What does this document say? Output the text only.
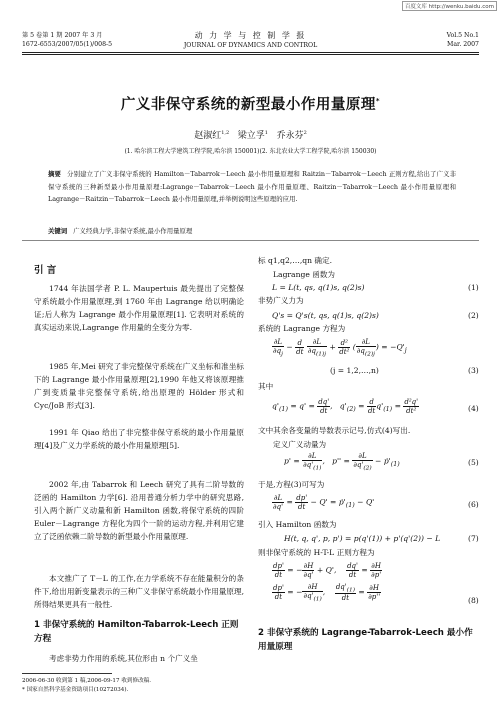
百度文库 http://wenku.baidu.com
第 5 卷第 1 期 2007 年 3 月
1672-6553/2007/05(1)/008-5
动 力 学 与 控 制 学 报
JOURNAL OF DYNAMICS AND CONTROL
Vol.5 No.1
Mar. 2007
广义非保守系统的新型最小作用量原理*
赵淑红$^{1,2}$ 梁立孚$^1$ 乔永芬$^2$
(1. 哈尔滨工程大学建筑工程学院,哈尔滨 150001)(2. 东北农业大学工程学院,哈尔滨 150030)
摘要 分别建立了广义非保守系统的 Hamilton－Tabarrok－Leech 最小作用量原理和 Raitzin－Tabarrok－Leech 正则方程,给出了广义非保守系统的三种新型最小作用量原理:Lagrange－Tabarrok－Leech 最小作用量原理、Raitzin－Tabarrok－Leech 最小作用量原理和 Lagrange－Raitzin－Tabarrok－Leech 最小作用量原理,并举例说明这些原理的应用.
关键词 广义经典力学,非保守系统,最小作用量原理
引 言
1744 年法国学者 P. L. Maupertuis 最先提出了完整保守系统最小作用量原理,到 1760 年由 Lagrange 给以明确论证;后人称为 Lagrange 最小作用量原理[1]. 它表明对系统的真实运动来说,Lagrange 作用量的全变分为零.
1985 年,Mei 研究了非完整保守系统在广义坐标和准坐标下的 Lagrange 最小作用量原理[2],1990 年他又将该原理推广到变质量非完整保守系统,给出原理的 Hölder 形式和 Cyc/JoB 形式[3].
1991 年 Qiao 给出了非完整非保守系统的最小作用量原理[4]及广义力学系统的最小作用量原理[5].
2002 年,由 Tabarrok 和 Leech 研究了具有二阶导数的泛函的 Hamilton 力学[6]. 沿用普通分析力学中的研究思路,引入两个新广义动量和新 Hamilton 函数,将保守系统的四阶 Euler－Lagrange 方程化为四个一阶的运动方程,并利用它建立了泛函依赖二阶导数的新型最小作用量原理.
本文推广了 T－L 的工作,在力学系统不存在能量积分的条件下,给出用新变量表示的三种广义非保守系统最小作用量原理,所得结果更具有一般性.
1 非保守系统的 Hamilton-Tabarrok-Leech 正则方程
考虑非势力作用的系统,其位形由 n 个广义坐
标 q1,q2,…,qn 确定.
Lagrange 函数为
L = L(t, qs, q(1)s, q(2)s)	(1)
非势广义力为
Q's = Q's(t, qs, q(1)s, q(2)s)	(2)
系统的 Lagrange 方程为
$\frac{\partial L}{\partial q_j} - \frac{d}{dt}$
$\frac{\partial L}{\partial q_{(1)j}} + \frac{\text{d²}}{\text{dt²}}$ ( $\frac{\partial L}{\partial q_{(2)j}}$ ) = $-Q'_j$
(j = 1,2,…,n)	(3)
其中
$q'_{(1)} = q' = \frac{dq'}{dt}$ ,   $q'_{(2)} = \frac{d}{dt} q'_{(1)} = \frac{\text{d²q'}}{\text{dt²}}$	(4)
文中其余各变量的导数表示记号,仿式(4)写出.
定义广义动量为
$p' = \frac{\partial L}{\partial q'_{(1)}}$ ,   $p'' = \frac{\partial L}{\partial q'_{(2)}}$ − $ṗ'_{(1)}$	(5)
于是,方程(3)可写为
$\frac{\partial L}{\partial q'} = \frac{dp'}{dt} - Q'$ = $ṗ'_{(1)} - Q'$	(6)
引入 Hamilton 函数为
H(t, q, q', p, p') = p(q'(1)) + p'(q'(2)) − L	(7)
则非保守系统的 H-T-L 正则方程为
$\frac{dp'}{dt}$ = − $\frac{\partial H}{\partial q'} + Q'$, $\frac{dq'}{dt} = \frac{\partial H}{\partial p'}$
$\frac{dp'}{dt}$ = − $\frac{\partial H}{\partial q'_{(1)}}$ , $\frac{dq'_{(1)}}{dt} = \frac{\partial H}{\partial p''}$	(8)
2 非保守系统的 Lagrange-Tabarrok-Leech 最小作用量原理
2006-06-30 收到第 1 稿,2006-09-17 收到修改稿.
* 国家自然科学基金资助项目(10272034).
